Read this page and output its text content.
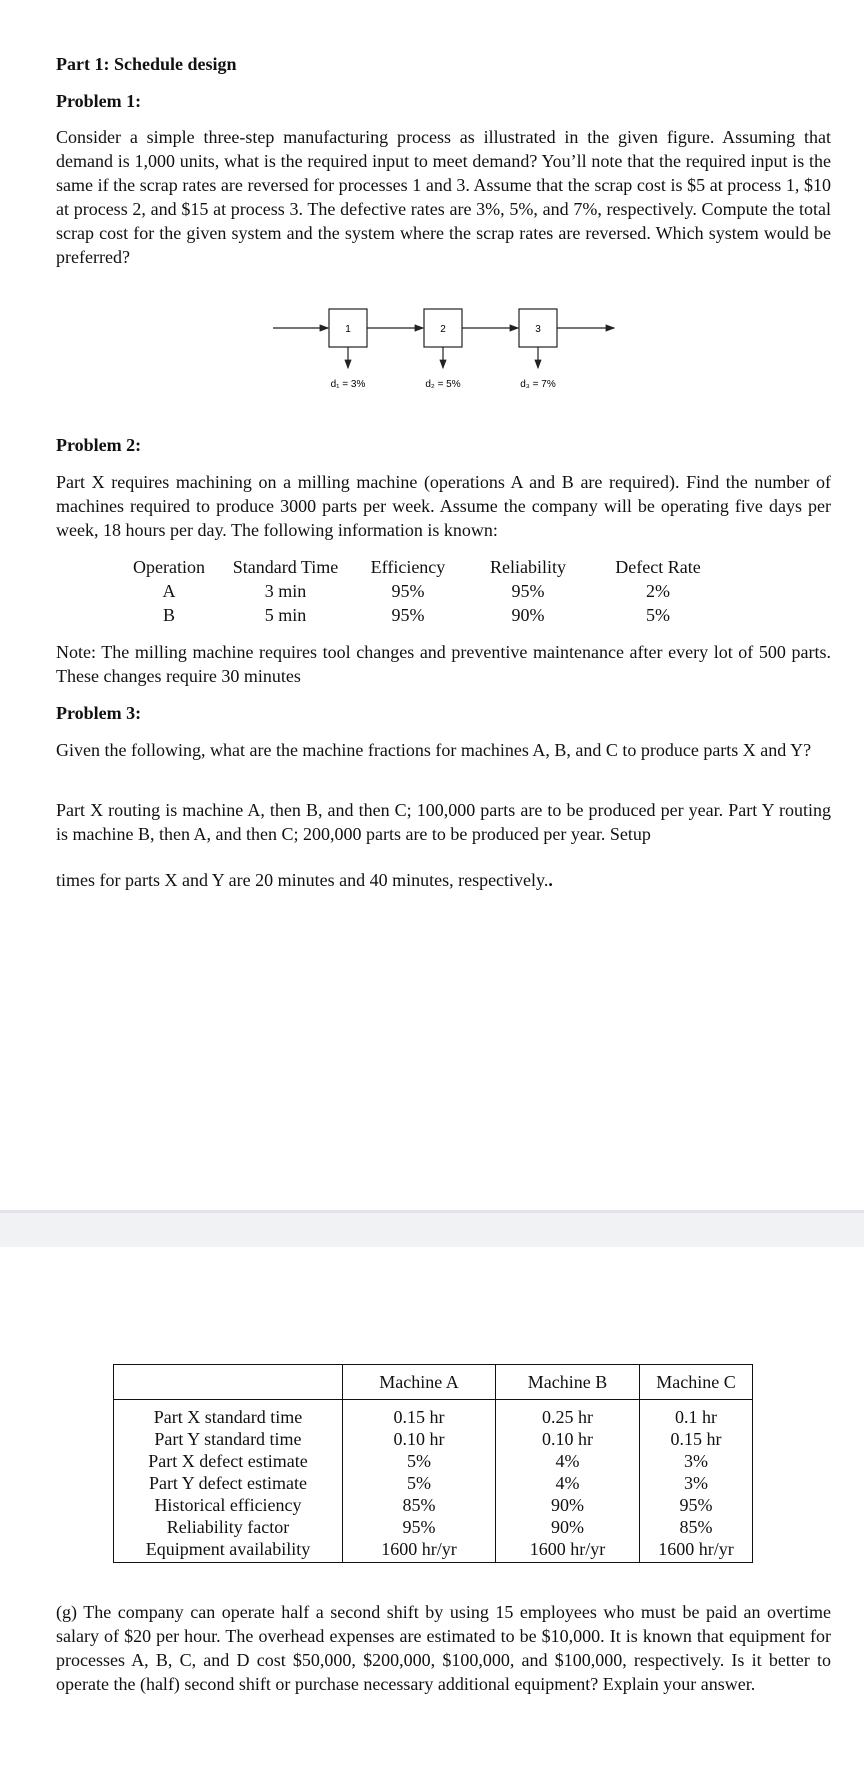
Part 1: Schedule design
Problem 1:

Consider a simple three-step manufacturing process as illustrated in the given figure. Assuming that demand is 1,000 units, what is the required input to meet demand? You’ll note that the required input is the same if the scrap rates are reversed for processes 1 and 3. Assume that the scrap cost is $5 at process 1, $10 at process 2, and $15 at process 3. The defective rates are 3%, 5%, and 7%, respectively. Compute the total scrap cost for the given system and the system where the scrap rates are reversed. Which system would be preferred?

1	2	3
d₁ = 3%	d₂ = 5%	d₃ = 7%
Problem 2:

Part X requires machining on a milling machine (operations A and B are required). Find the number of machines required to produce 3000 parts per week. Assume the company will be operating five days per week, 18 hours per day. The following information is known:

Operation	Standard Time	Efficiency	Reliability	Defect Rate
A	3 min	95%	95%	2%
B	5 min	95%	90%	5%

Note: The milling machine requires tool changes and preventive maintenance after every lot of 500 parts. These changes require 30 minutes

Problem 3:

Given the following, what are the machine fractions for machines A, B, and C to produce parts X and Y?

Part X routing is machine A, then B, and then C; 100,000 parts are to be produced per year. Part Y routing is machine B, then A, and then C; 200,000 parts are to be produced per year. Setup

times for parts X and Y are 20 minutes and 40 minutes, respectively..
	Machine A	Machine B	Machine C
Part X standard time	0.15 hr	0.25 hr	0.1 hr
Part Y standard time	0.10 hr	0.10 hr	0.15 hr
Part X defect estimate	5%	4%	3%
Part Y defect estimate	5%	4%	3%
Historical efficiency	85%	90%	95%
Reliability factor	95%	90%	85%
Equipment availability	1600 hr/yr	1600 hr/yr	1600 hr/yr

(g) The company can operate half a second shift by using 15 employees who must be paid an overtime salary of $20 per hour. The overhead expenses are estimated to be $10,000. It is known that equipment for processes A, B, C, and D cost $50,000, $200,000, $100,000, and $100,000, respectively. Is it better to operate the (half) second shift or purchase necessary additional equipment? Explain your answer.
